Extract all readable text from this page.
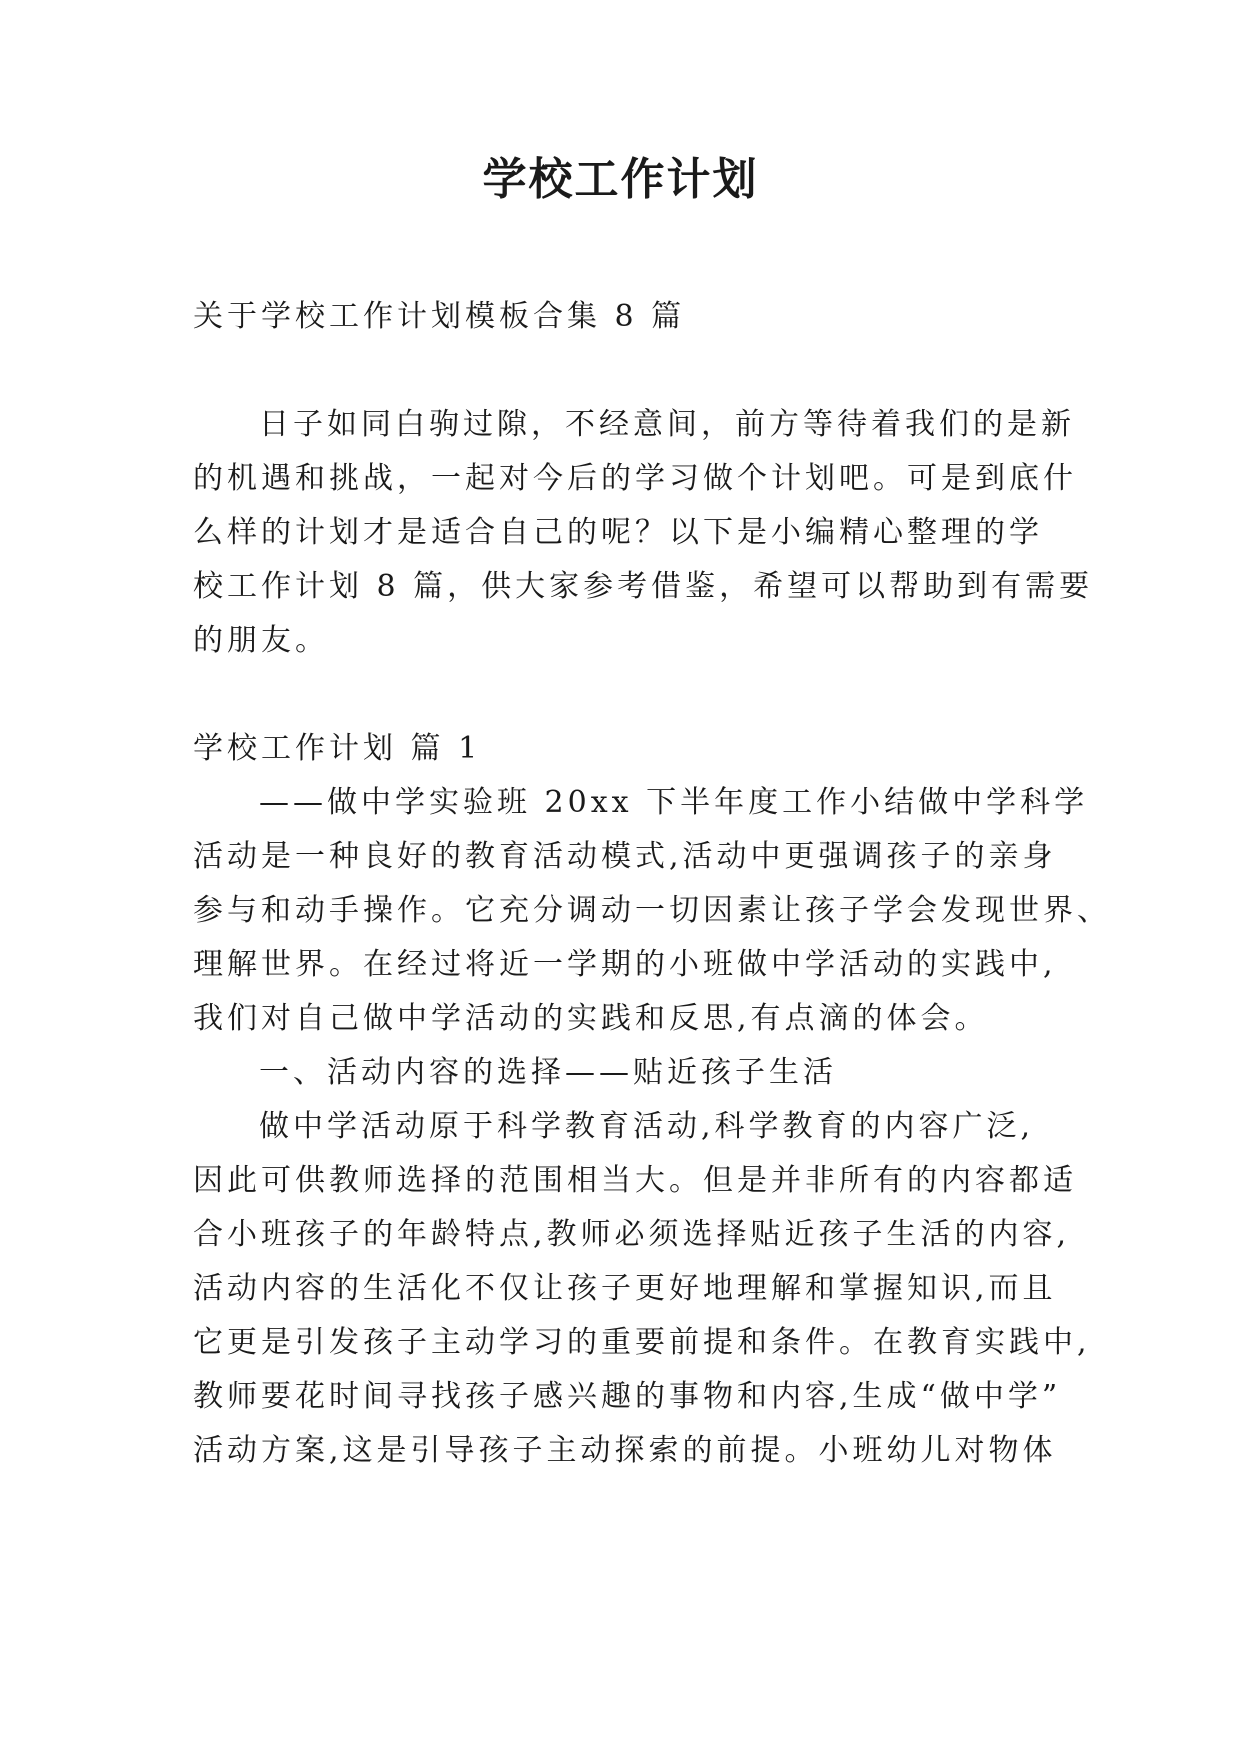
学校工作计划
关于学校工作计划模板合集 8 篇
日子如同白驹过隙，不经意间，前方等待着我们的是新
的机遇和挑战，一起对今后的学习做个计划吧。可是到底什
么样的计划才是适合自己的呢？以下是小编精心整理的学
校工作计划 8 篇，供大家参考借鉴，希望可以帮助到有需要
的朋友。
学校工作计划 篇 1
——做中学实验班 20xx 下半年度工作小结做中学科学
活动是一种良好的教育活动模式,活动中更强调孩子的亲身
参与和动手操作。它充分调动一切因素让孩子学会发现世界、
理解世界。在经过将近一学期的小班做中学活动的实践中,
我们对自己做中学活动的实践和反思,有点滴的体会。
一、活动内容的选择——贴近孩子生活
做中学活动原于科学教育活动,科学教育的内容广泛,
因此可供教师选择的范围相当大。但是并非所有的内容都适
合小班孩子的年龄特点,教师必须选择贴近孩子生活的内容,
活动内容的生活化不仅让孩子更好地理解和掌握知识,而且
它更是引发孩子主动学习的重要前提和条件。在教育实践中,
教师要花时间寻找孩子感兴趣的事物和内容,生成“做中学”
活动方案,这是引导孩子主动探索的前提。小班幼儿对物体
